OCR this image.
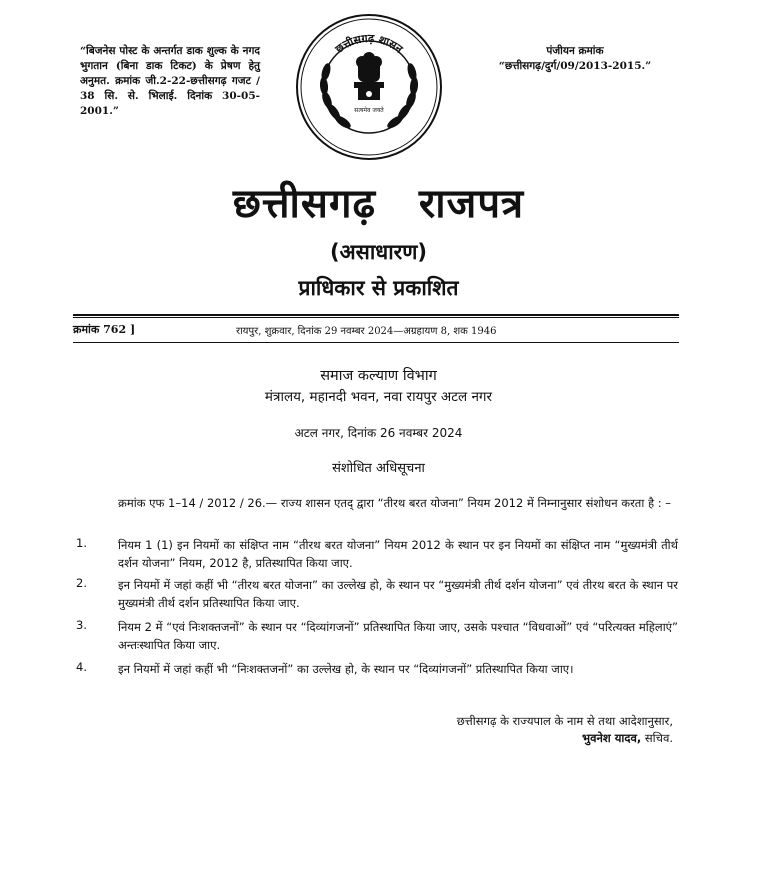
“बिजनेस पोस्ट के अन्तर्गत डाक शुल्क के नगद भुगतान (बिना डाक टिकट) के प्रेषण हेतु अनुमत. क्रमांक जी.2-22-छत्तीसगढ़ गजट / 38 सि. से. भिलाई. दिनांक 30-05-2001.”
छत्तीसगढ़ शासन
सत्यमेव जयते
पंजीयन क्रमांक
“छत्तीसगढ़/दुर्ग/09/2013-2015.”
छत्तीसगढ़ राजपत्र
(असाधारण)
प्राधिकार से प्रकाशित
क्रमांक 762 ]	रायपुर, शुक्रवार, दिनांक 29 नवम्बर 2024—अग्रहायण 8, शक 1946
समाज कल्याण विभाग
मंत्रालय, महानदी भवन, नवा रायपुर अटल नगर
अटल नगर, दिनांक 26 नवम्बर 2024
संशोधित अधिसूचना
क्रमांक एफ 1–14 / 2012 / 26.— राज्य शासन एतद् द्वारा “तीरथ बरत योजना” नियम 2012 में निम्नानुसार संशोधन करता है : –
1.	नियम 1 (1) इन नियमों का संक्षिप्त नाम “तीरथ बरत योजना” नियम 2012 के स्थान पर इन नियमों का संक्षिप्त नाम “मुख्यमंत्री तीर्थ दर्शन योजना” नियम, 2012 है, प्रतिस्थापित किया जाए.
2.	इन नियमों में जहां कहीं भी “तीरथ बरत योजना” का उल्लेख हो, के स्थान पर “मुख्यमंत्री तीर्थ दर्शन योजना” एवं तीरथ बरत के स्थान पर मुख्यमंत्री तीर्थ दर्शन प्रतिस्थापित किया जाए.
3.	नियम 2 में “एवं निःशक्तजनों” के स्थान पर “दिव्यांगजनों” प्रतिस्थापित किया जाए, उसके पश्चात “विधवाओं” एवं “परित्यक्त महिलाएं” अन्तःस्थापित किया जाए.
4.	इन नियमों में जहां कहीं भी “निःशक्तजनों” का उल्लेख हो, के स्थान पर “दिव्यांगजनों” प्रतिस्थापित किया जाए।
छत्तीसगढ़ के राज्यपाल के नाम से तथा आदेशानुसार,
भुवनेश यादव, सचिव.
